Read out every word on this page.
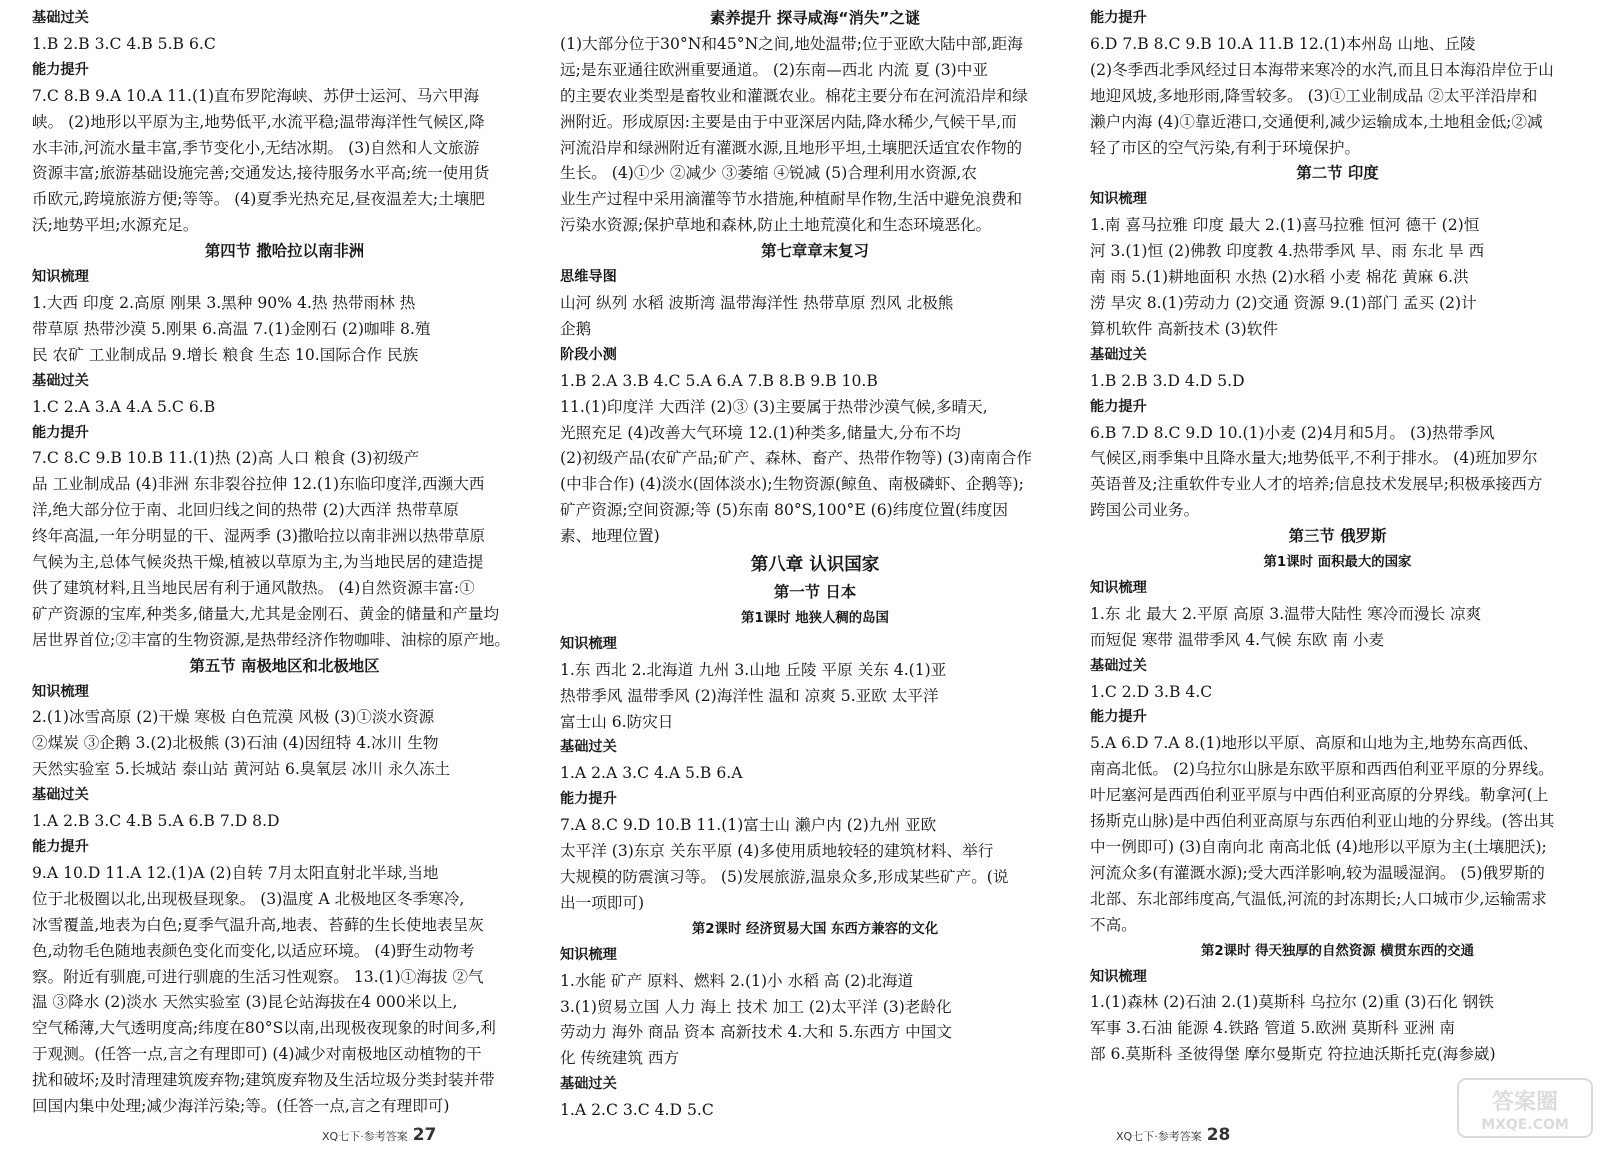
基础过关

1.B 2.B 3.C 4.B 5.B 6.C

能力提升

7.C 8.B 9.A 10.A 11.(1)直布罗陀海峡、苏伊士运河、马六甲海

峡。 (2)地形以平原为主,地势低平,水流平稳;温带海洋性气候区,降

水丰沛,河流水量丰富,季节变化小,无结冰期。 (3)自然和人文旅游

资源丰富;旅游基础设施完善;交通发达,接待服务水平高;统一使用货

币欧元,跨境旅游方便;等等。 (4)夏季光热充足,昼夜温差大;土壤肥

沃;地势平坦;水源充足。

第四节 撒哈拉以南非洲

知识梳理

1.大西 印度 2.高原 刚果 3.黑种 90% 4.热 热带雨林 热

带草原 热带沙漠 5.刚果 6.高温 7.(1)金刚石 (2)咖啡 8.殖

民 农矿 工业制成品 9.增长 粮食 生态 10.国际合作 民族

基础过关

1.C 2.A 3.A 4.A 5.C 6.B

能力提升

7.C 8.C 9.B 10.B 11.(1)热 (2)高 人口 粮食 (3)初级产

品 工业制成品 (4)非洲 东非裂谷拉伸 12.(1)东临印度洋,西濒大西

洋,绝大部分位于南、北回归线之间的热带 (2)大西洋 热带草原

终年高温,一年分明显的干、湿两季 (3)撒哈拉以南非洲以热带草原

气候为主,总体气候炎热干燥,植被以草原为主,为当地民居的建造提

供了建筑材料,且当地民居有利于通风散热。 (4)自然资源丰富:①

矿产资源的宝库,种类多,储量大,尤其是金刚石、黄金的储量和产量均

居世界首位;②丰富的生物资源,是热带经济作物咖啡、油棕的原产地。

第五节 南极地区和北极地区

知识梳理

2.(1)冰雪高原 (2)干燥 寒极 白色荒漠 风极 (3)①淡水资源

②煤炭 ③企鹅 3.(2)北极熊 (3)石油 (4)因纽特 4.冰川 生物

天然实验室 5.长城站 泰山站 黄河站 6.臭氧层 冰川 永久冻土

基础过关

1.A 2.B 3.C 4.B 5.A 6.B 7.D 8.D

能力提升

9.A 10.D 11.A 12.(1)A (2)自转 7月太阳直射北半球,当地

位于北极圈以北,出现极昼现象。 (3)温度 A 北极地区冬季寒冷,

冰雪覆盖,地表为白色;夏季气温升高,地表、苔藓的生长使地表呈灰

色,动物毛色随地表颜色变化而变化,以适应环境。 (4)野生动物考

察。附近有驯鹿,可进行驯鹿的生活习性观察。 13.(1)①海拔 ②气

温 ③降水 (2)淡水 天然实验室 (3)昆仑站海拔在4 000米以上,

空气稀薄,大气透明度高;纬度在80°S以南,出现极夜现象的时间多,利

于观测。(任答一点,言之有理即可) (4)减少对南极地区动植物的干

扰和破坏;及时清理建筑废弃物;建筑废弃物及生活垃圾分类封装并带

回国内集中处理;减少海洋污染;等。(任答一点,言之有理即可)

素养提升 探寻咸海“消失”之谜

(1)大部分位于30°N和45°N之间,地处温带;位于亚欧大陆中部,距海

远;是东亚通往欧洲重要通道。 (2)东南—西北 内流 夏 (3)中亚

的主要农业类型是畜牧业和灌溉农业。棉花主要分布在河流沿岸和绿

洲附近。形成原因:主要是由于中亚深居内陆,降水稀少,气候干旱,而

河流沿岸和绿洲附近有灌溉水源,且地形平坦,土壤肥沃适宜农作物的

生长。 (4)①少 ②减少 ③萎缩 ④锐减 (5)合理利用水资源,农

业生产过程中采用滴灌等节水措施,种植耐旱作物,生活中避免浪费和

污染水资源;保护草地和森林,防止土地荒漠化和生态环境恶化。

第七章章末复习

思维导图

山河 纵列 水稻 波斯湾 温带海洋性 热带草原 烈风 北极熊

企鹅

阶段小测

1.B 2.A 3.B 4.C 5.A 6.A 7.B 8.B 9.B 10.B

11.(1)印度洋 大西洋 (2)③ (3)主要属于热带沙漠气候,多晴天,

光照充足 (4)改善大气环境 12.(1)种类多,储量大,分布不均

(2)初级产品(农矿产品;矿产、森林、畜产、热带作物等) (3)南南合作

(中非合作) (4)淡水(固体淡水);生物资源(鲸鱼、南极磷虾、企鹅等);

矿产资源;空间资源;等 (5)东南 80°S,100°E (6)纬度位置(纬度因

素、地理位置)

第八章 认识国家

第一节 日本

第1课时 地狭人稠的岛国

知识梳理

1.东 西北 2.北海道 九州 3.山地 丘陵 平原 关东 4.(1)亚

热带季风 温带季风 (2)海洋性 温和 凉爽 5.亚欧 太平洋

富士山 6.防灾日

基础过关

1.A 2.A 3.C 4.A 5.B 6.A

能力提升

7.A 8.C 9.D 10.B 11.(1)富士山 濑户内 (2)九州 亚欧

太平洋 (3)东京 关东平原 (4)多使用质地较轻的建筑材料、举行

大规模的防震演习等。 (5)发展旅游,温泉众多,形成某些矿产。(说

出一项即可)

第2课时 经济贸易大国 东西方兼容的文化

知识梳理

1.水能 矿产 原料、燃料 2.(1)小 水稻 高 (2)北海道

3.(1)贸易立国 人力 海上 技术 加工 (2)太平洋 (3)老龄化

劳动力 海外 商品 资本 高新技术 4.大和 5.东西方 中国文

化 传统建筑 西方

基础过关

1.A 2.C 3.C 4.D 5.C

能力提升

6.D 7.B 8.C 9.B 10.A 11.B 12.(1)本州岛 山地、丘陵

(2)冬季西北季风经过日本海带来寒冷的水汽,而且日本海沿岸位于山

地迎风坡,多地形雨,降雪较多。 (3)①工业制成品 ②太平洋沿岸和

濑户内海 (4)①靠近港口,交通便利,减少运输成本,土地租金低;②减

轻了市区的空气污染,有利于环境保护。

第二节 印度

知识梳理

1.南 喜马拉雅 印度 最大 2.(1)喜马拉雅 恒河 德干 (2)恒

河 3.(1)恒 (2)佛教 印度教 4.热带季风 旱、雨 东北 旱 西

南 雨 5.(1)耕地面积 水热 (2)水稻 小麦 棉花 黄麻 6.洪

涝 旱灾 8.(1)劳动力 (2)交通 资源 9.(1)部门 孟买 (2)计

算机软件 高新技术 (3)软件

基础过关

1.B 2.B 3.D 4.D 5.D

能力提升

6.B 7.D 8.C 9.D 10.(1)小麦 (2)4月和5月。 (3)热带季风

气候区,雨季集中且降水量大;地势低平,不利于排水。 (4)班加罗尔

英语普及;注重软件专业人才的培养;信息技术发展早;积极承接西方

跨国公司业务。

第三节 俄罗斯

第1课时 面积最大的国家

知识梳理

1.东 北 最大 2.平原 高原 3.温带大陆性 寒冷而漫长 凉爽

而短促 寒带 温带季风 4.气候 东欧 南 小麦

基础过关

1.C 2.D 3.B 4.C

能力提升

5.A 6.D 7.A 8.(1)地形以平原、高原和山地为主,地势东高西低、

南高北低。 (2)乌拉尔山脉是东欧平原和西西伯利亚平原的分界线。

叶尼塞河是西西伯利亚平原与中西伯利亚高原的分界线。勒拿河(上

扬斯克山脉)是中西伯利亚高原与东西伯利亚山地的分界线。(答出其

中一例即可) (3)自南向北 南高北低 (4)地形以平原为主(土壤肥沃);

河流众多(有灌溉水源);受大西洋影响,较为温暖湿润。 (5)俄罗斯的

北部、东北部纬度高,气温低,河流的封冻期长;人口城市少,运输需求

不高。

第2课时 得天独厚的自然资源 横贯东西的交通

知识梳理

1.(1)森林 (2)石油 2.(1)莫斯科 乌拉尔 (2)重 (3)石化 钢铁

军事 3.石油 能源 4.铁路 管道 5.欧洲 莫斯科 亚洲 南

部 6.莫斯科 圣彼得堡 摩尔曼斯克 符拉迪沃斯托克(海参崴)

XQ七下·参考答案 27	XQ七下·参考答案 28
答案圈
MXQE.COM
